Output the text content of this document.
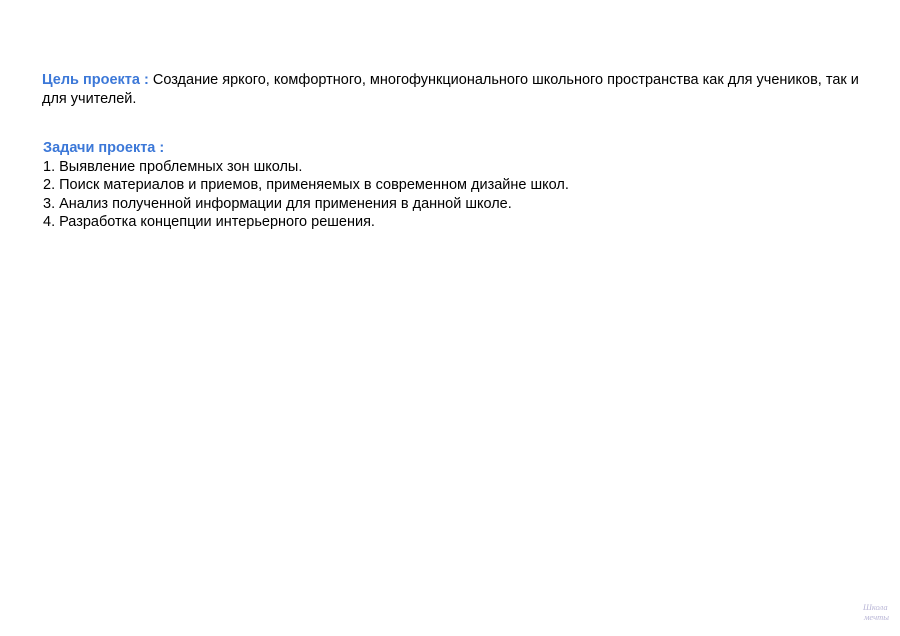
Цель проекта : Создание яркого, комфортного, многофункционального школьного пространства как для учеников, так и для учителей.
Задачи проекта :
1. Выявление проблемных зон школы.
2. Поиск материалов и приемов, применяемых в современном дизайне школ.
3. Анализ полученной информации для применения в данной школе.
4. Разработка концепции интерьерного решения.
Школа
мечты
